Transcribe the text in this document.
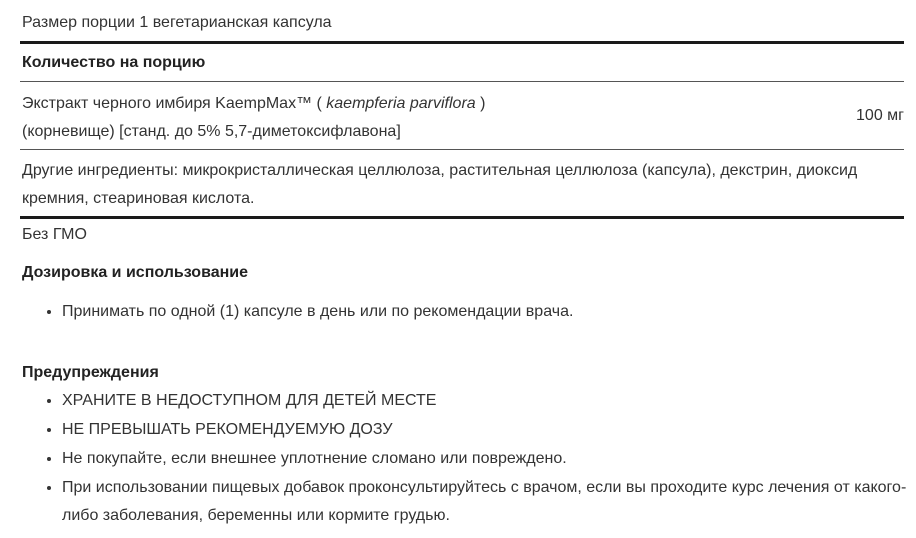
Размер порции 1 вегетарианская капсула
Количество на порцию
Экстракт черного имбиря KaempMax™ ( kaempferia parviflora )
(корневище) [станд. до 5% 5,7-диметоксифлавона]
100 мг
Другие ингредиенты: микрокристаллическая целлюлоза, растительная целлюлоза (капсула), декстрин, диоксид кремния, стеариновая кислота.
Без ГМО
Дозировка и использование
• Принимать по одной (1) капсуле в день или по рекомендации врача.
Предупреждения
• ХРАНИТЕ В НЕДОСТУПНОМ ДЛЯ ДЕТЕЙ МЕСТЕ
• НЕ ПРЕВЫШАТЬ РЕКОМЕНДУЕМУЮ ДОЗУ
• Не покупайте, если внешнее уплотнение сломано или повреждено.
• При использовании пищевых добавок проконсультируйтесь с врачом, если вы проходите курс лечения от какого-либо заболевания, беременны или кормите грудью.
